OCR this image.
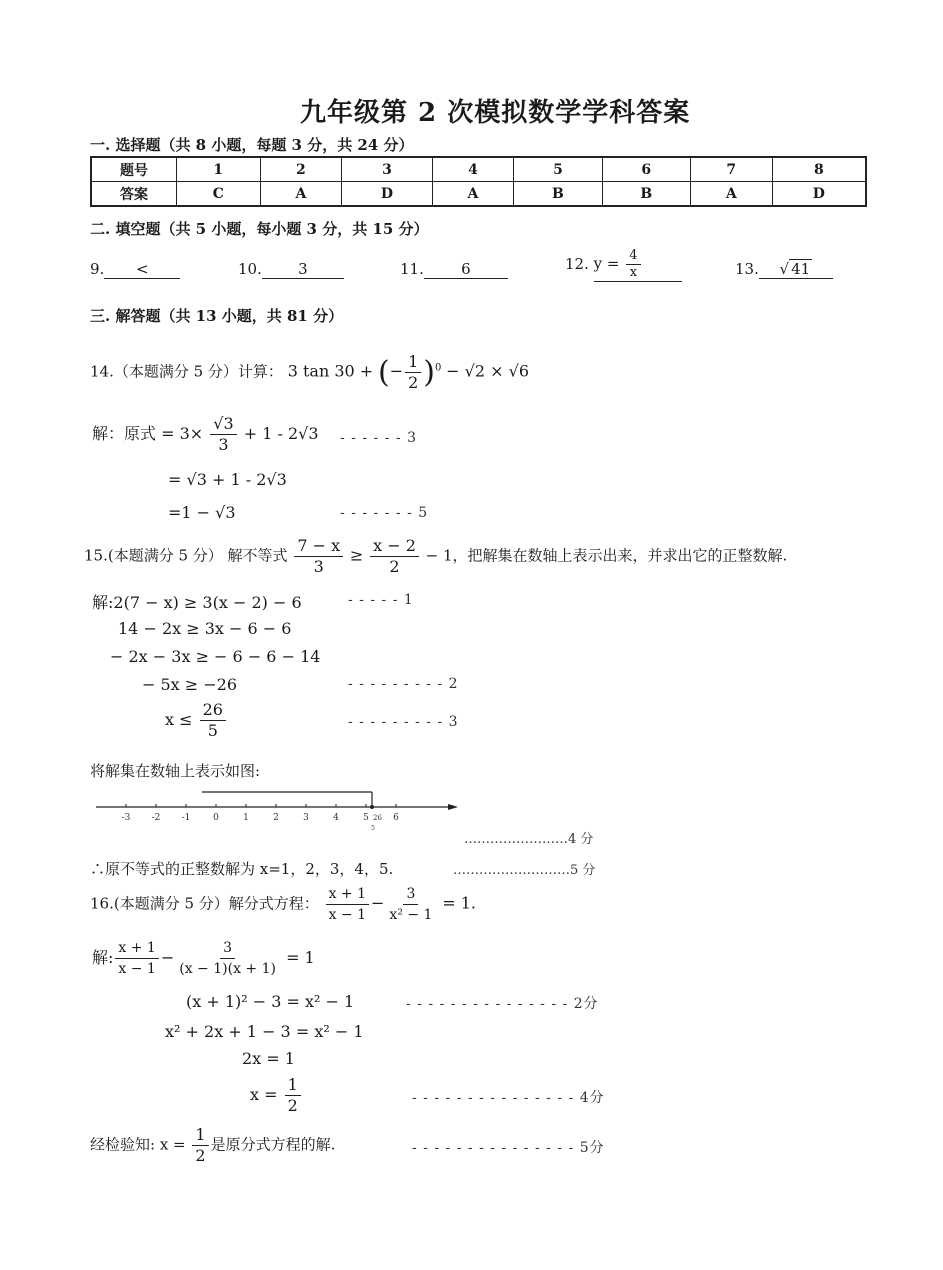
九年级第 2 次模拟数学学科答案
一. 选择题（共 8 小题，每题 3 分，共 24 分）
题号	1	2	3	4	5	6	7	8
答案	C	A	D	A	B	B	A	D
二. 填空题（共 5 小题，每小题 3 分，共 15 分）
9. <	10. 3	11. 6	12. $y = \frac{4}{x}$	13. √ 41
三. 解答题（共 13 小题，共 81 分）
14.（本题满分 5 分）计算： 3 tan 30 + (− $\frac{1}{2} )^0 - √2 \times √6$
解：原式 = $3\times \frac{√3}{3} + 1 - 2√3$ - - - - - - 3
= √3 + 1 - 2√3
=1 − √3	- - - - - - - 5
15.(本题满分 5 分） 解不等式 $\frac{7 - x}{3} \ge \frac{x - 2}{2} - 1$，把解集在数轴上表示出来，并求出它的正整数解.
解:2(7 − x) ≥ 3(x − 2) − 6	- - - - - 1
14 − 2x ≥ 3x − 6 − 6
− 2x − 3x ≥ − 6 − 6 − 14
− 5x ≥ −26	- - - - - - - - - 2
$x \le \frac{26}{5}$	- - - - - - - - - 3
将解集在数轴上表示如图:
-3 -2 -1	0	1	2	3	4	5	6
26
5
……………………4 分
∴原不等式的正整数解为 x=1，2，3，4，5.	………………………5 分
16.(本题满分 5 分）解分式方程： $\frac{x + 1}{x - 1} - \frac{3}{\text{x² − 1}} = 1$.
解: $\frac{x + 1}{x - 1} - \frac{3}{(x - 1)(x + 1)} = 1$
(x + 1)² − 3 = x² − 1	- - - - - - - - - - - - - - - 2分
x² + 2x + 1 − 3 = x² − 1
2x = 1
$x = \frac{1}{2}$	- - - - - - - - - - - - - - - 4分
经检验知: $x = \frac{1}{2}$ 是原分式方程的解.	- - - - - - - - - - - - - - - 5分
